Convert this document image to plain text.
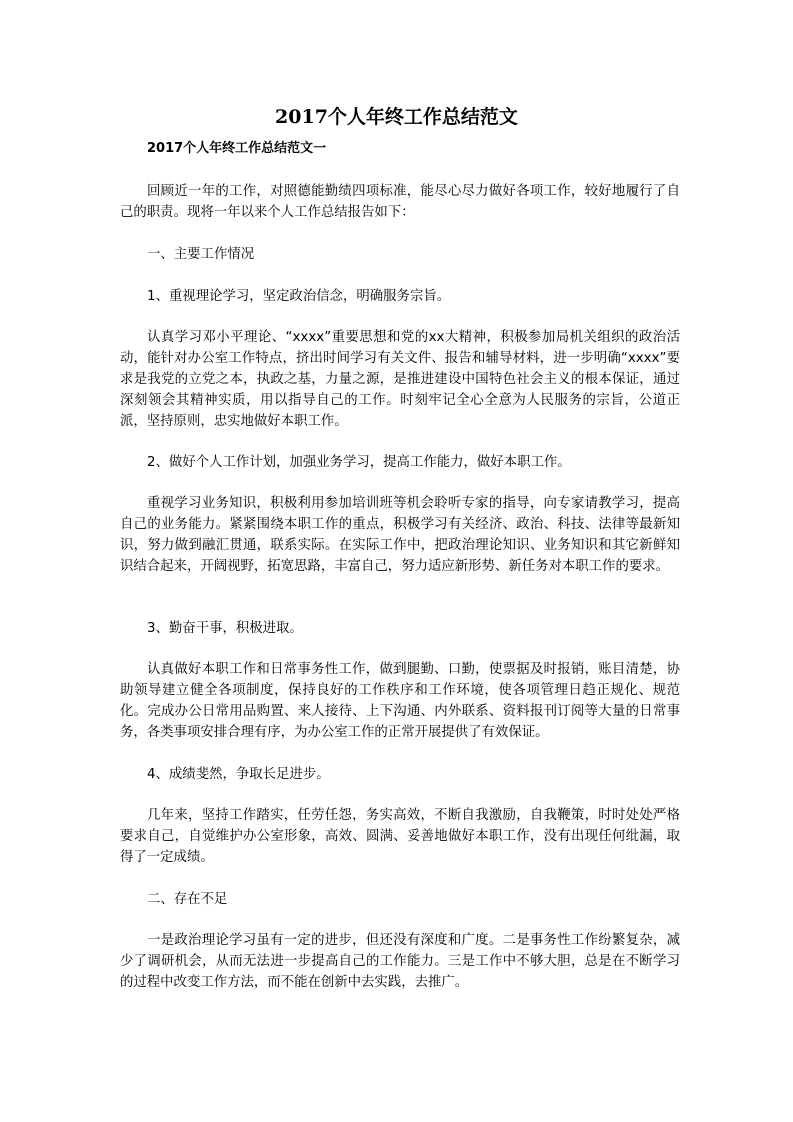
2017个人年终工作总结范文

2017个人年终工作总结范文一

回顾近一年的工作，对照德能勤绩四项标准，能尽心尽力做好各项工作，较好地履行了自己的职责。现将一年以来个人工作总结报告如下：

一、主要工作情况

1、重视理论学习，坚定政治信念，明确服务宗旨。

认真学习邓小平理论、“xxxx”重要思想和党的xx大精神，积极参加局机关组织的政治活动，能针对办公室工作特点，挤出时间学习有关文件、报告和辅导材料，进一步明确“xxxx”要求是我党的立党之本，执政之基，力量之源，是推进建设中国特色社会主义的根本保证，通过深刻领会其精神实质，用以指导自己的工作。时刻牢记全心全意为人民服务的宗旨，公道正派，坚持原则，忠实地做好本职工作。

2、做好个人工作计划，加强业务学习，提高工作能力，做好本职工作。

重视学习业务知识，积极利用参加培训班等机会聆听专家的指导，向专家请教学习，提高自己的业务能力。紧紧围绕本职工作的重点，积极学习有关经济、政治、科技、法律等最新知识，努力做到融汇贯通，联系实际。在实际工作中，把政治理论知识、业务知识和其它新鲜知识结合起来，开阔视野，拓宽思路，丰富自己，努力适应新形势、新任务对本职工作的要求。

3、勤奋干事，积极进取。

认真做好本职工作和日常事务性工作，做到腿勤、口勤，使票据及时报销，账目清楚，协助领导建立健全各项制度，保持良好的工作秩序和工作环境，使各项管理日趋正规化、规范化。完成办公日常用品购置、来人接待、上下沟通、内外联系、资料报刊订阅等大量的日常事务，各类事项安排合理有序，为办公室工作的正常开展提供了有效保证。

4、成绩斐然，争取长足进步。

几年来，坚持工作踏实，任劳任怨，务实高效，不断自我激励，自我鞭策，时时处处严格要求自己，自觉维护办公室形象，高效、圆满、妥善地做好本职工作，没有出现任何纰漏，取得了一定成绩。

二、存在不足

一是政治理论学习虽有一定的进步，但还没有深度和广度。二是事务性工作纷繁复杂，减少了调研机会，从而无法进一步提高自己的工作能力。三是工作中不够大胆，总是在不断学习的过程中改变工作方法，而不能在创新中去实践，去推广。
